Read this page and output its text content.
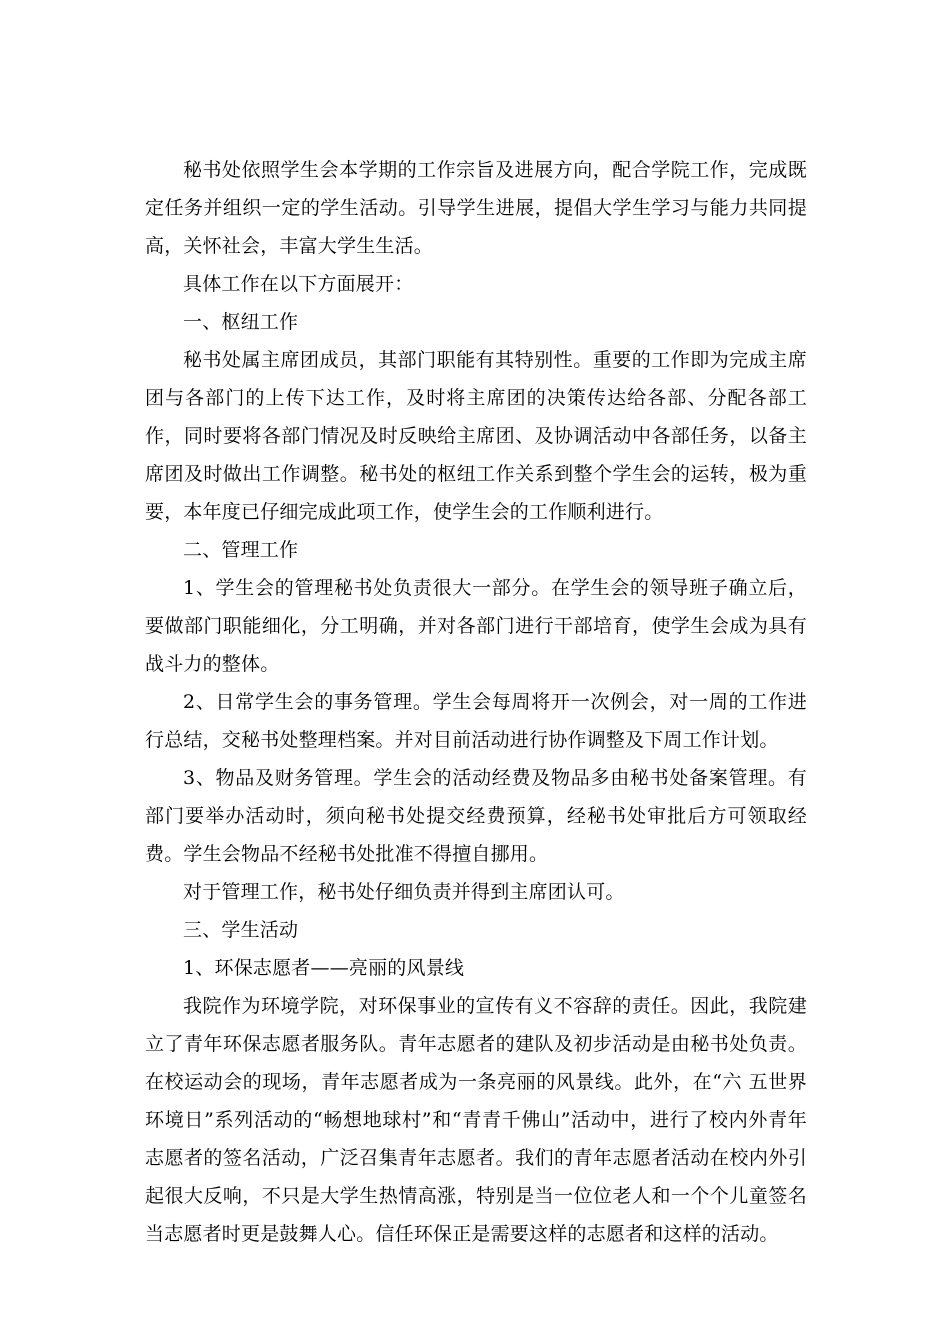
秘书处依照学生会本学期的工作宗旨及进展方向，配合学院工作，完成既定任务并组织一定的学生活动。引导学生进展，提倡大学生学习与能力共同提高，关怀社会，丰富大学生生活。

具体工作在以下方面展开：

一、枢纽工作

秘书处属主席团成员，其部门职能有其特别性。重要的工作即为完成主席团与各部门的上传下达工作，及时将主席团的决策传达给各部、分配各部工作，同时要将各部门情况及时反映给主席团、及协调活动中各部任务，以备主席团及时做出工作调整。秘书处的枢纽工作关系到整个学生会的运转，极为重要，本年度已仔细完成此项工作，使学生会的工作顺利进行。

二、管理工作

1、学生会的管理秘书处负责很大一部分。在学生会的领导班子确立后，要做部门职能细化，分工明确，并对各部门进行干部培育，使学生会成为具有战斗力的整体。

2、日常学生会的事务管理。学生会每周将开一次例会，对一周的工作进行总结，交秘书处整理档案。并对目前活动进行协作调整及下周工作计划。

3、物品及财务管理。学生会的活动经费及物品多由秘书处备案管理。有部门要举办活动时，须向秘书处提交经费预算，经秘书处审批后方可领取经费。学生会物品不经秘书处批准不得擅自挪用。

对于管理工作，秘书处仔细负责并得到主席团认可。

三、学生活动

1、环保志愿者——亮丽的风景线

我院作为环境学院，对环保事业的宣传有义不容辞的责任。因此，我院建立了青年环保志愿者服务队。青年志愿者的建队及初步活动是由秘书处负责。在校运动会的现场，青年志愿者成为一条亮丽的风景线。此外，在“六 五世界环境日”系列活动的“畅想地球村”和“青青千佛山”活动中，进行了校内外青年志愿者的签名活动，广泛召集青年志愿者。我们的青年志愿者活动在校内外引起很大反响，不只是大学生热情高涨，特别是当一位位老人和一个个儿童签名当志愿者时更是鼓舞人心。信任环保正是需要这样的志愿者和这样的活动。
